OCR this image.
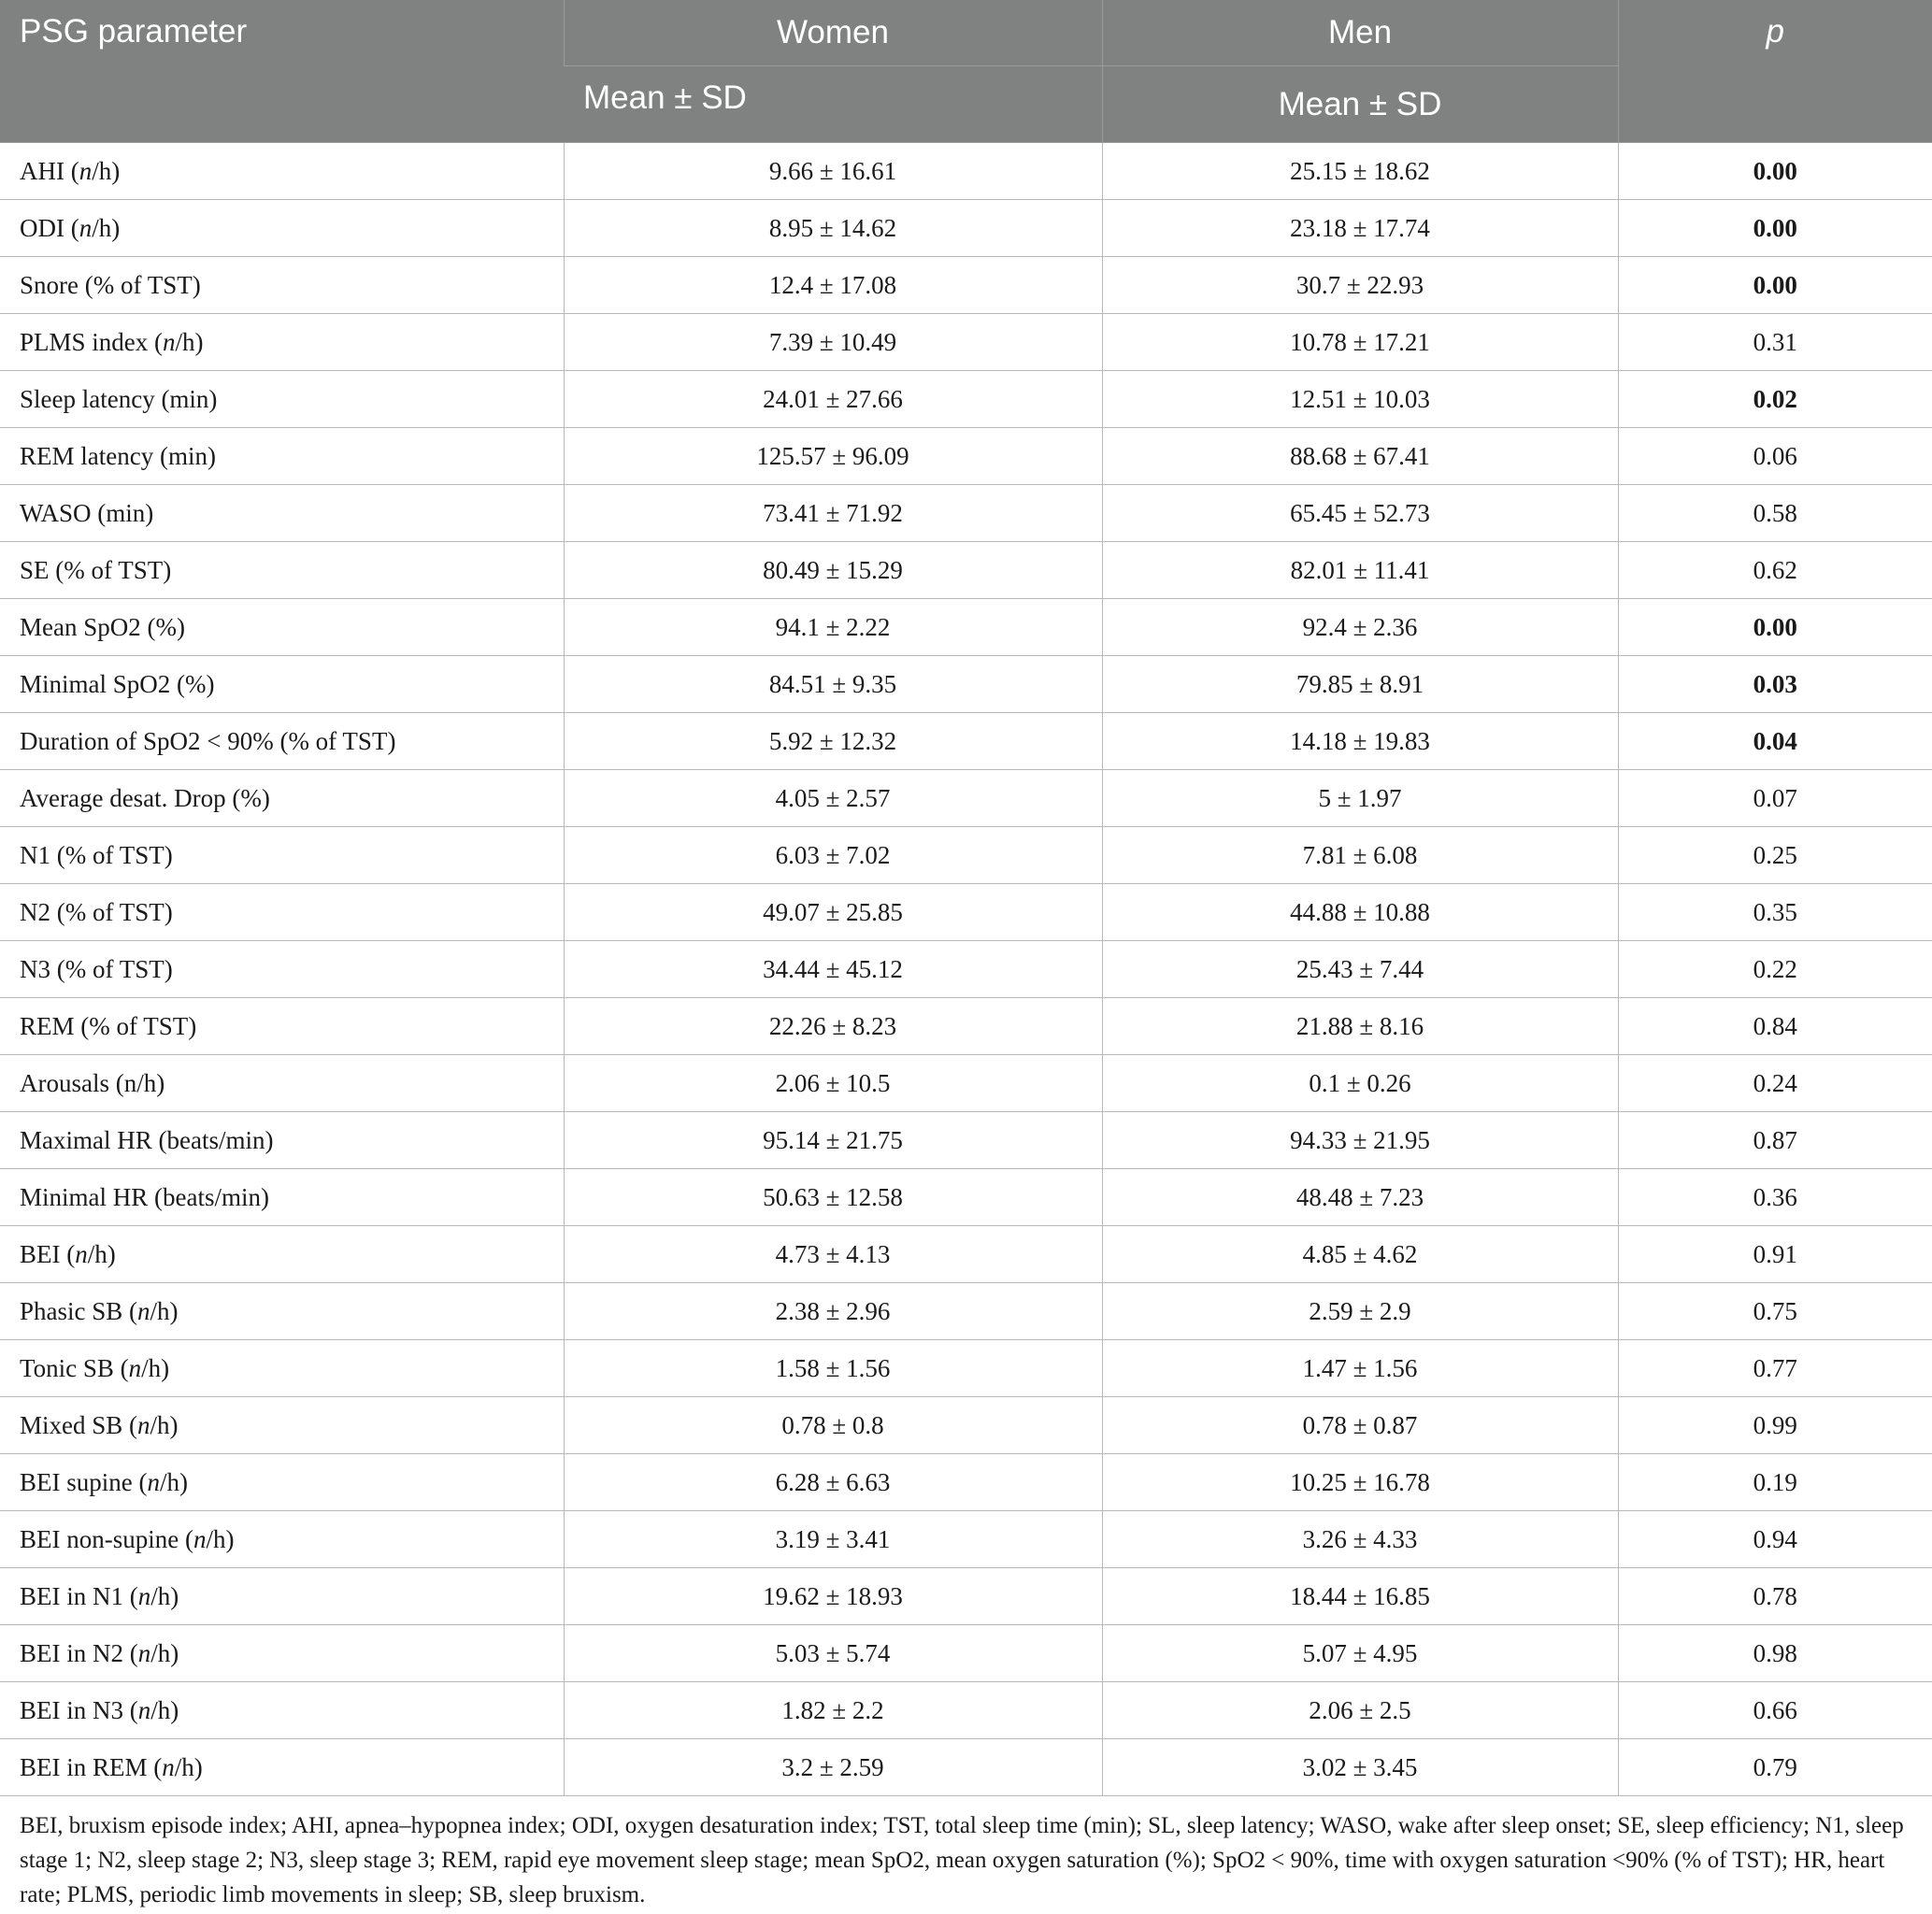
PSG parameter	Women	Men	p
	Mean ± SD	Mean ± SD	
AHI (n/h)	9.66 ± 16.61	25.15 ± 18.62	0.00
ODI (n/h)	8.95 ± 14.62	23.18 ± 17.74	0.00
Snore (% of TST)	12.4 ± 17.08	30.7 ± 22.93	0.00
PLMS index (n/h)	7.39 ± 10.49	10.78 ± 17.21	0.31
Sleep latency (min)	24.01 ± 27.66	12.51 ± 10.03	0.02
REM latency (min)	125.57 ± 96.09	88.68 ± 67.41	0.06
WASO (min)	73.41 ± 71.92	65.45 ± 52.73	0.58
SE (% of TST)	80.49 ± 15.29	82.01 ± 11.41	0.62
Mean SpO2 (%)	94.1 ± 2.22	92.4 ± 2.36	0.00
Minimal SpO2 (%)	84.51 ± 9.35	79.85 ± 8.91	0.03
Duration of SpO2 < 90% (% of TST)	5.92 ± 12.32	14.18 ± 19.83	0.04
Average desat. Drop (%)	4.05 ± 2.57	5 ± 1.97	0.07
N1 (% of TST)	6.03 ± 7.02	7.81 ± 6.08	0.25
N2 (% of TST)	49.07 ± 25.85	44.88 ± 10.88	0.35
N3 (% of TST)	34.44 ± 45.12	25.43 ± 7.44	0.22
REM (% of TST)	22.26 ± 8.23	21.88 ± 8.16	0.84
Arousals (n/h)	2.06 ± 10.5	0.1 ± 0.26	0.24
Maximal HR (beats/min)	95.14 ± 21.75	94.33 ± 21.95	0.87
Minimal HR (beats/min)	50.63 ± 12.58	48.48 ± 7.23	0.36
BEI (n/h)	4.73 ± 4.13	4.85 ± 4.62	0.91
Phasic SB (n/h)	2.38 ± 2.96	2.59 ± 2.9	0.75
Tonic SB (n/h)	1.58 ± 1.56	1.47 ± 1.56	0.77
Mixed SB (n/h)	0.78 ± 0.8	0.78 ± 0.87	0.99
BEI supine (n/h)	6.28 ± 6.63	10.25 ± 16.78	0.19
BEI non-supine (n/h)	3.19 ± 3.41	3.26 ± 4.33	0.94
BEI in N1 (n/h)	19.62 ± 18.93	18.44 ± 16.85	0.78
BEI in N2 (n/h)	5.03 ± 5.74	5.07 ± 4.95	0.98
BEI in N3 (n/h)	1.82 ± 2.2	2.06 ± 2.5	0.66
BEI in REM (n/h)	3.2 ± 2.59	3.02 ± 3.45	0.79
BEI, bruxism episode index; AHI, apnea–hypopnea index; ODI, oxygen desaturation index; TST, total sleep time (min); SL, sleep latency; WASO, wake after sleep onset; SE, sleep efficiency; N1, sleep stage 1; N2, sleep stage 2; N3, sleep stage 3; REM, rapid eye movement sleep stage; mean SpO2, mean oxygen saturation (%); SpO2 < 90%, time with oxygen saturation <90% (% of TST); HR, heart rate; PLMS, periodic limb movements in sleep; SB, sleep bruxism.
